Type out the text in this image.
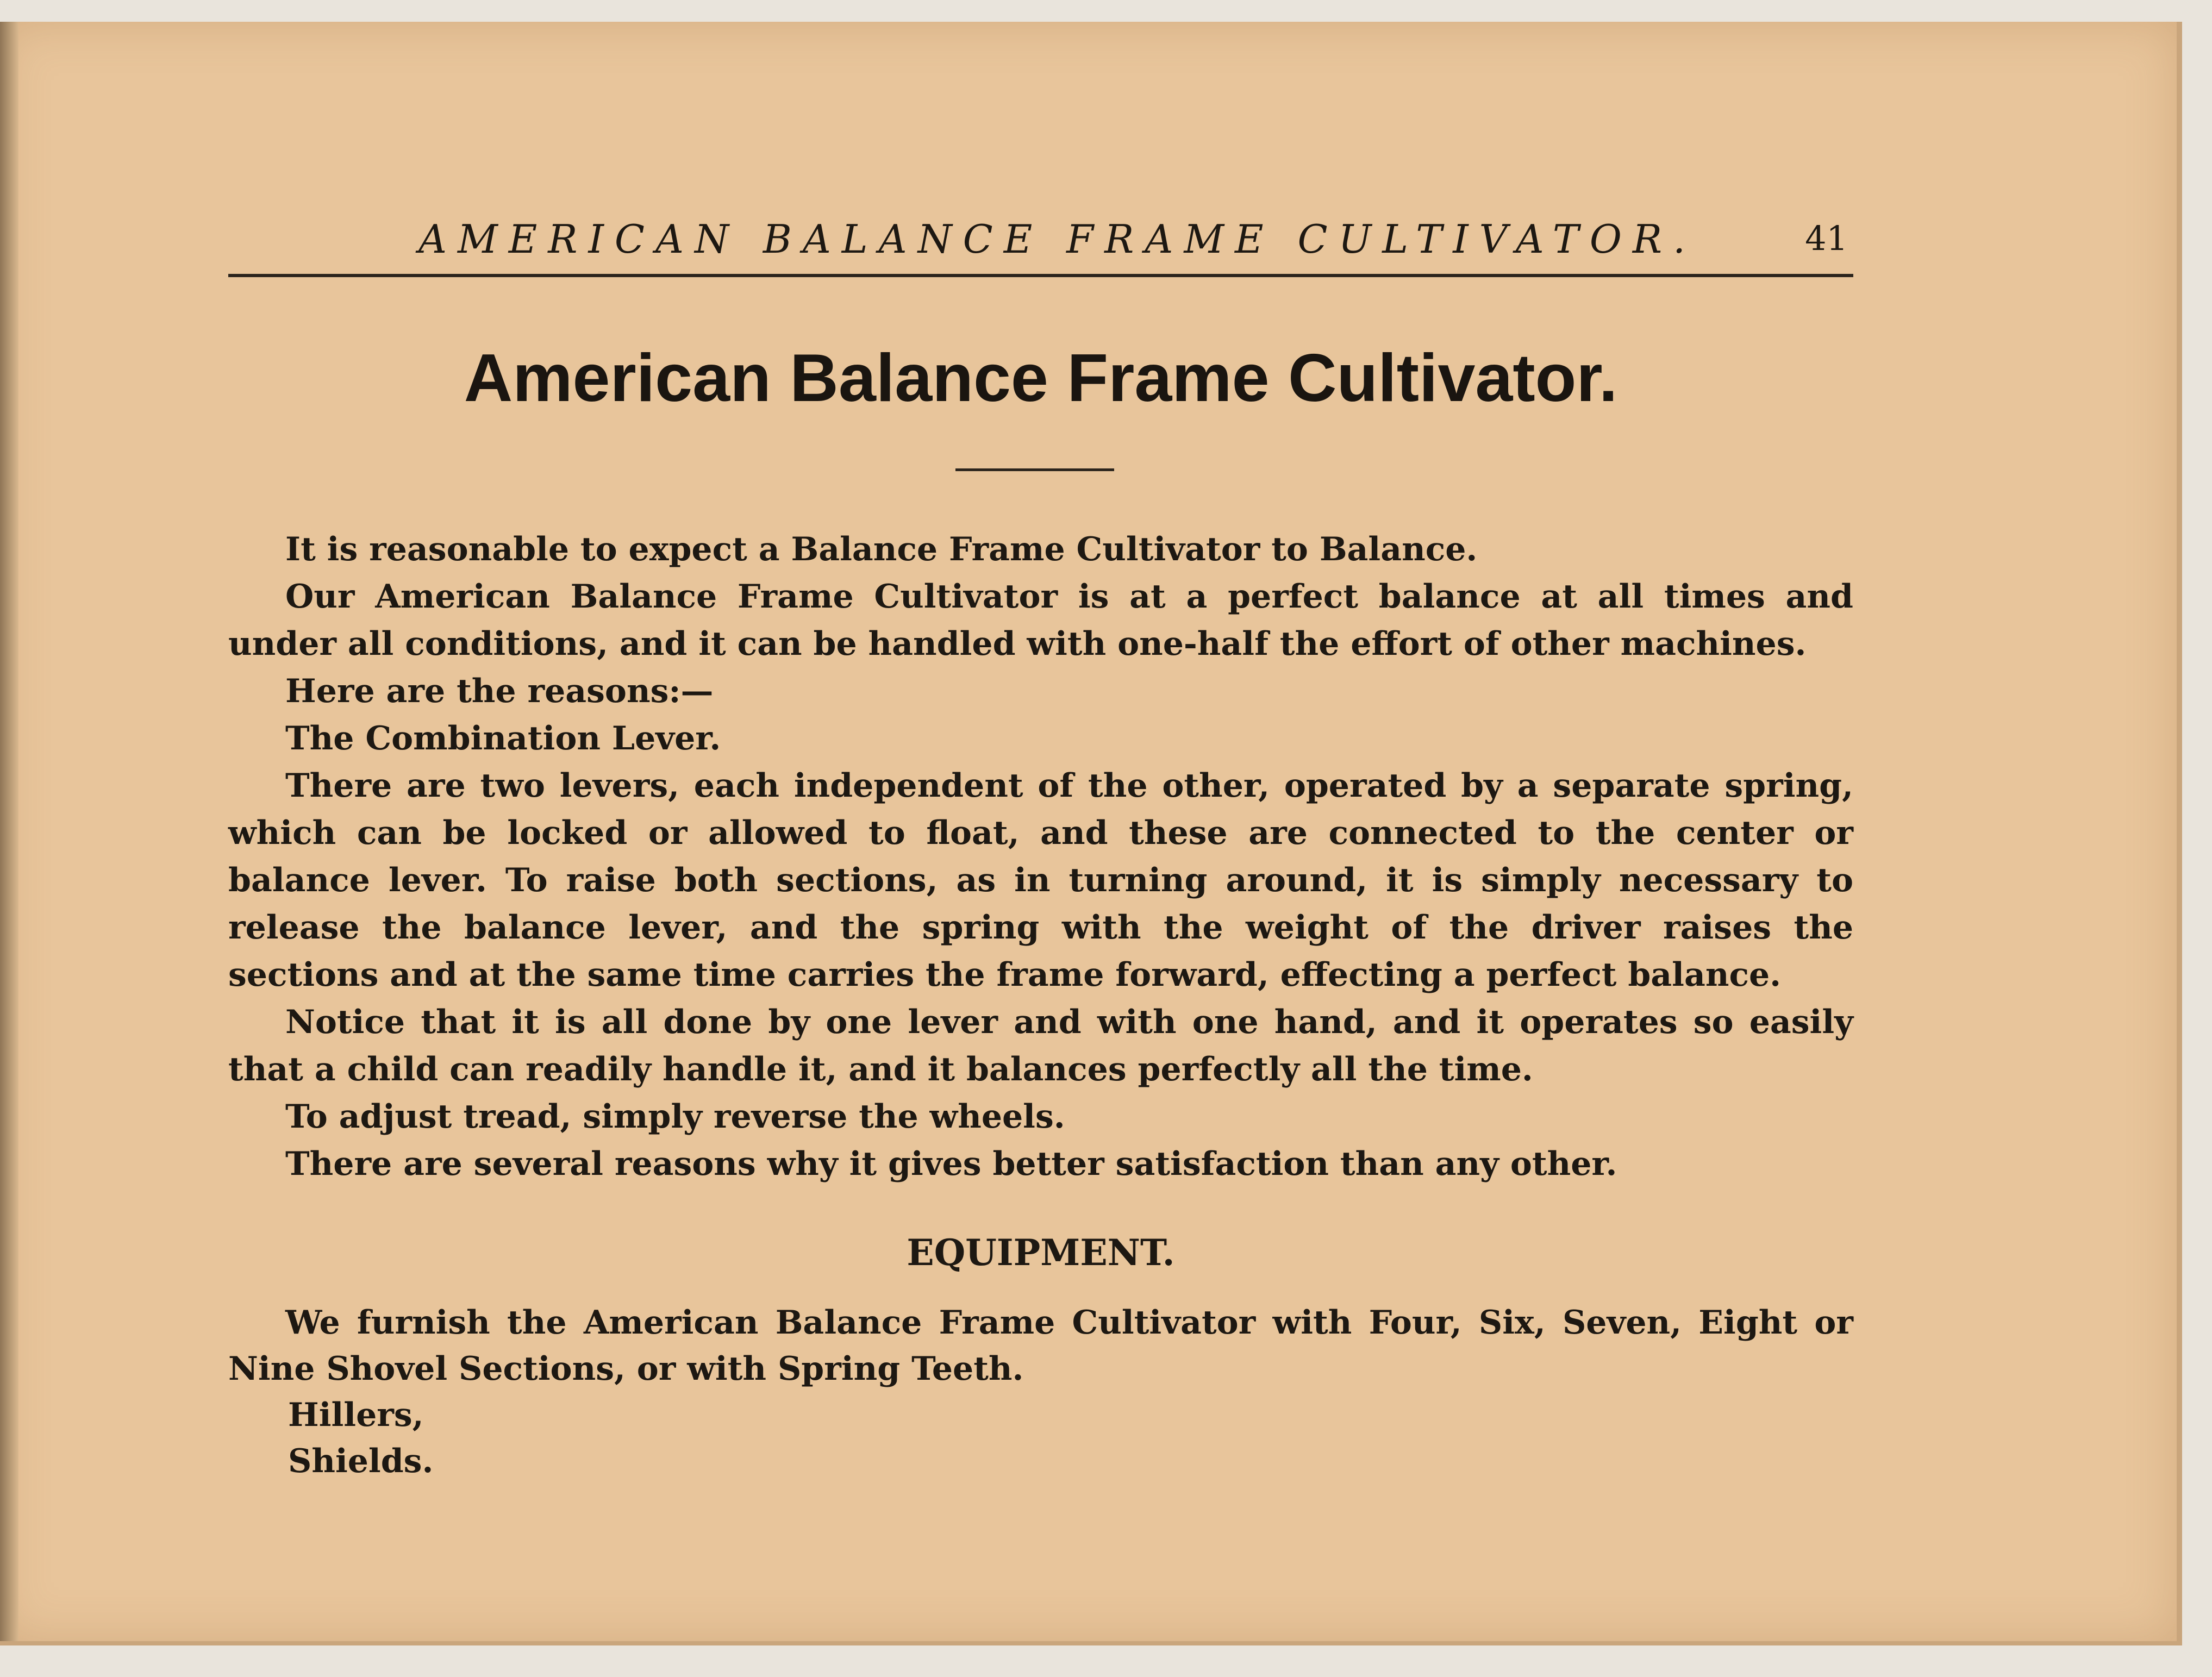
AMERICAN BALANCE FRAME CULTIVATOR.	41
American Balance Frame Cultivator.

It is reasonable to expect a Balance Frame Cultivator to Balance.

Our American Balance Frame Cultivator is at a perfect balance at all times and under all conditions, and it can be handled with one-half the effort of other machines.

Here are the reasons:—

The Combination Lever.

There are two levers, each independent of the other, operated by a separate spring, which can be locked or allowed to float, and these are connected to the center or balance lever. To raise both sections, as in turning around, it is simply necessary to release the balance lever, and the spring with the weight of the driver raises the sections and at the same time carries the frame forward, effecting a perfect balance.

Notice that it is all done by one lever and with one hand, and it operates so easily that a child can readily handle it, and it balances perfectly all the time.

To adjust tread, simply reverse the wheels.

There are several reasons why it gives better satisfaction than any other.

EQUIPMENT.

We furnish the American Balance Frame Cultivator with Four, Six, Seven, Eight or Nine Shovel Sections, or with Spring Teeth.

Hillers,
Shields.
